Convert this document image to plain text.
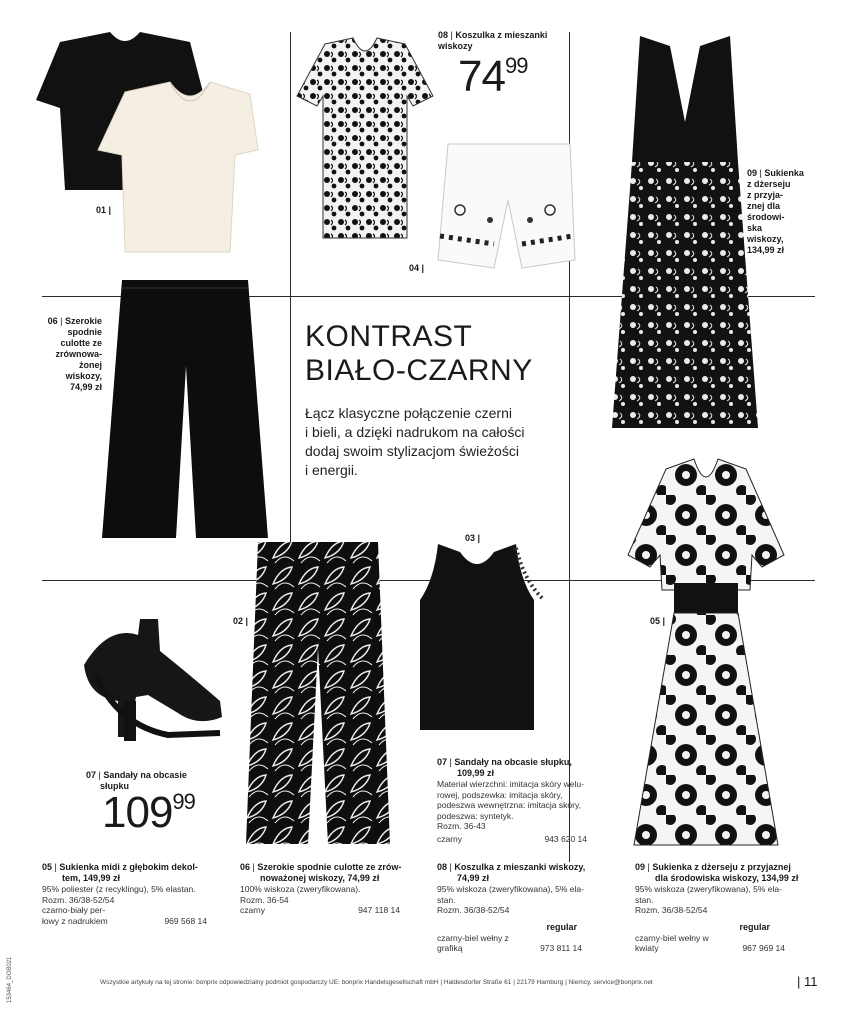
01 |
04 |
02 |
03 |
05 |
08 | Koszulka z mieszanki wiskozy
7499
09 | Sukienka
z dżerseju
z przyja-
znej dla
środowi-
ska
wiskozy,
134,99 zł
06 | Szerokie
spodnie
culotte ze
zrównowa-
żonej
wiskozy,
74,99 zł
KONTRAST
BIAŁO-CZARNY
Łącz klasyczne połączenie czerni
i bieli, a dzięki nadrukom na całości
dodaj swoim stylizacjom świeżości
i energii.
07 | Sandały na obcasie
słupku
10999
07 | Sandały na obcasie słupku,
109,99 zł
Materiał wierzchni: imitacja skóry welu-
rowej, podszewka: imitacja skóry,
podeszwa wewnętrzna: imitacja skóry,
podeszwa: syntetyk.
Rozm. 36-43
czarny	943 620 14
05 | Sukienka midi z głębokim dekol-
tem, 149,99 zł
95% poliester (z recyklingu), 5% elastan.
Rozm. 36/38-52/54
czarno-biały per-
łowy z nadrukiem	969 568 14
06 | Szerokie spodnie culotte ze zrów-
noważonej wiskozy, 74,99 zł
100% wiskoza (zweryfikowana).
Rozm. 36-54
czarny	947 118 14
08 | Koszulka z mieszanki wiskozy,
74,99 zł
95% wiskoza (zweryfikowana), 5% ela-
stan.
Rozm. 36/38-52/54
regular
czarny-biel wełny z
grafiką	973 811 14
09 | Sukienka z dżerseju z przyjaznej
dla środowiska wiskozy, 134,99 zł
95% wiskoza (zweryfikowana), 5% ela-
stan.
Rozm. 36/38-52/54
regular
czarny-biel wełny w
kwiaty	967 969 14
Wszystkie artykuły na tej stronie: bonprix odpowiedzialny podmiot gospodarczy UE: bonprix Handelsgesellschaft mbH | Haldesdorfer Straße 61 | 22179 Hamburg | Niemcy, service@bonprix.net	| 11
153464_DOB021
